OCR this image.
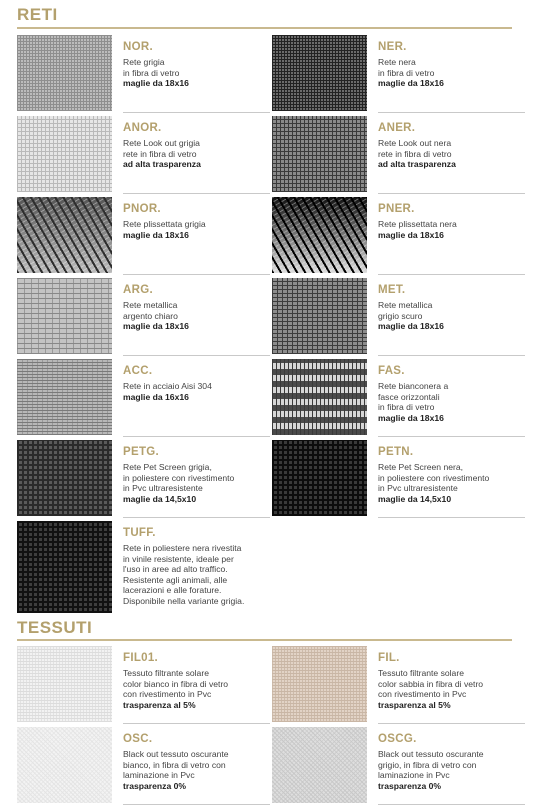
RETI
NOR.
Rete grigia
in fibra di vetro
maglie da 18x16
NER.
Rete nera
in fibra di vetro
maglie da 18x16
ANOR.
Rete Look out grigia
rete in fibra di vetro
ad alta trasparenza
ANER.
Rete Look out nera
rete in fibra di vetro
ad alta trasparenza
PNOR.
Rete plissettata grigia
maglie da 18x16
PNER.
Rete plissettata nera
maglie da 18x16
ARG.
Rete metallica
argento chiaro
maglie da 18x16
MET.
Rete metallica
grigio scuro
maglie da 18x16
ACC.
Rete in acciaio Aisi 304
maglie da 16x16
FAS.
Rete bianconera a
fasce orizzontali
in fibra di vetro
maglie da 18x16
PETG.
Rete Pet Screen grigia,
in poliestere con rivestimento
in Pvc ultraresistente
maglie da 14,5x10
PETN.
Rete Pet Screen nera,
in poliestere con rivestimento
in Pvc ultraresistente
maglie da 14,5x10
TUFF.
Rete in poliestere nera rivestita
in vinile resistente, ideale per
l'uso in aree ad alto traffico.
Resistente agli animali, alle
lacerazioni e alle forature.
Disponibile nella variante grigia.
TESSUTI
FIL01.
Tessuto filtrante solare
color bianco in fibra di vetro
con rivestimento in Pvc
trasparenza al 5%
FIL.
Tessuto filtrante solare
color sabbia in fibra di vetro
con rivestimento in Pvc
trasparenza al 5%
OSC.
Black out tessuto oscurante
bianco, in fibra di vetro con
laminazione in Pvc
trasparenza 0%
OSCG.
Black out tessuto oscurante
grigio, in fibra di vetro con
laminazione in Pvc
trasparenza 0%
